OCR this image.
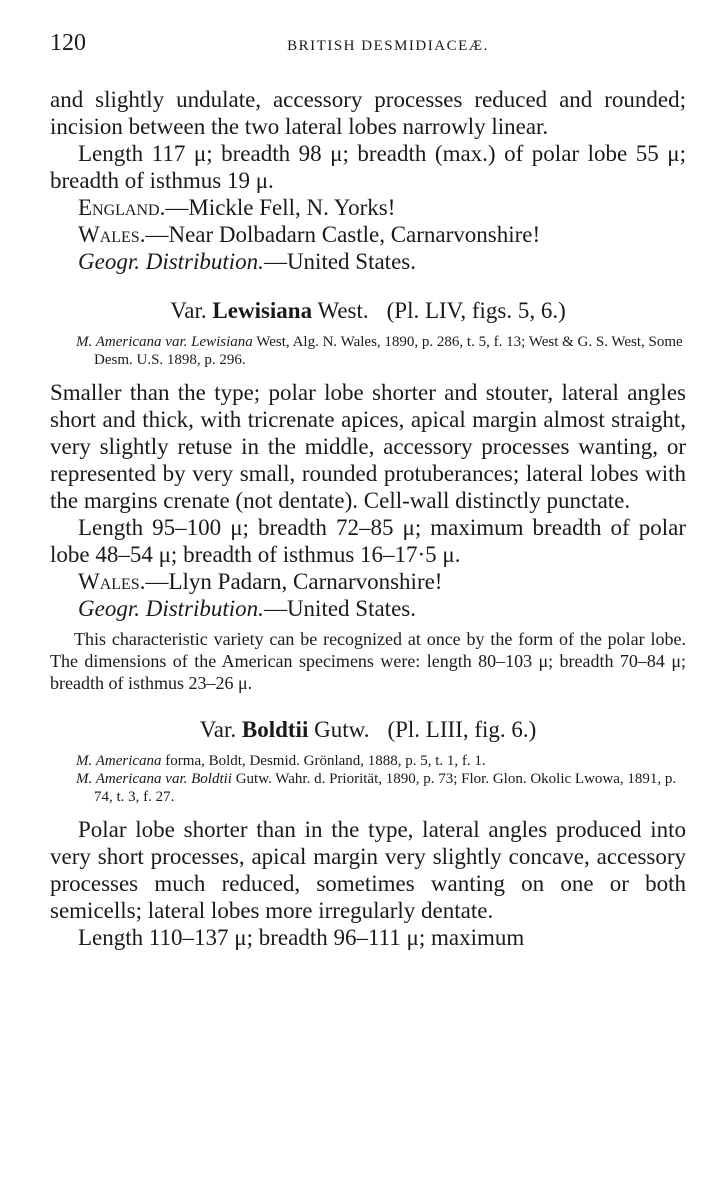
120	BRITISH DESMIDIACEÆ.

and slightly undulate, accessory processes reduced and rounded; incision between the two lateral lobes narrowly linear.

Length 117 μ; breadth 98 μ; breadth (max.) of polar lobe 55 μ; breadth of isthmus 19 μ.

England.—Mickle Fell, N. Yorks!

Wales.—Near Dolbadarn Castle, Carnarvonshire!

Geogr. Distribution.—United States.

Var. Lewisiana West. (Pl. LIV, figs. 5, 6.)

M. Americana var. Lewisiana West, Alg. N. Wales, 1890, p. 286, t. 5, f. 13; West & G. S. West, Some Desm. U.S. 1898, p. 296.

Smaller than the type; polar lobe shorter and stouter, lateral angles short and thick, with tricrenate apices, apical margin almost straight, very slightly retuse in the middle, accessory processes wanting, or represented by very small, rounded protuberances; lateral lobes with the margins crenate (not dentate). Cell-wall distinctly punctate.

Length 95–100 μ; breadth 72–85 μ; maximum breadth of polar lobe 48–54 μ; breadth of isthmus 16–17·5 μ.

Wales.—Llyn Padarn, Carnarvonshire!

Geogr. Distribution.—United States.

This characteristic variety can be recognized at once by the form of the polar lobe. The dimensions of the American specimens were: length 80–103 μ; breadth 70–84 μ; breadth of isthmus 23–26 μ.

Var. Boldtii Gutw. (Pl. LIII, fig. 6.)

M. Americana forma, Boldt, Desmid. Grönland, 1888, p. 5, t. 1, f. 1.

M. Americana var. Boldtii Gutw. Wahr. d. Priorität, 1890, p. 73; Flor. Glon. Okolic Lwowa, 1891, p. 74, t. 3, f. 27.

Polar lobe shorter than in the type, lateral angles produced into very short processes, apical margin very slightly concave, accessory processes much reduced, sometimes wanting on one or both semicells; lateral lobes more irregularly dentate.

Length 110–137 μ; breadth 96–111 μ; maximum
